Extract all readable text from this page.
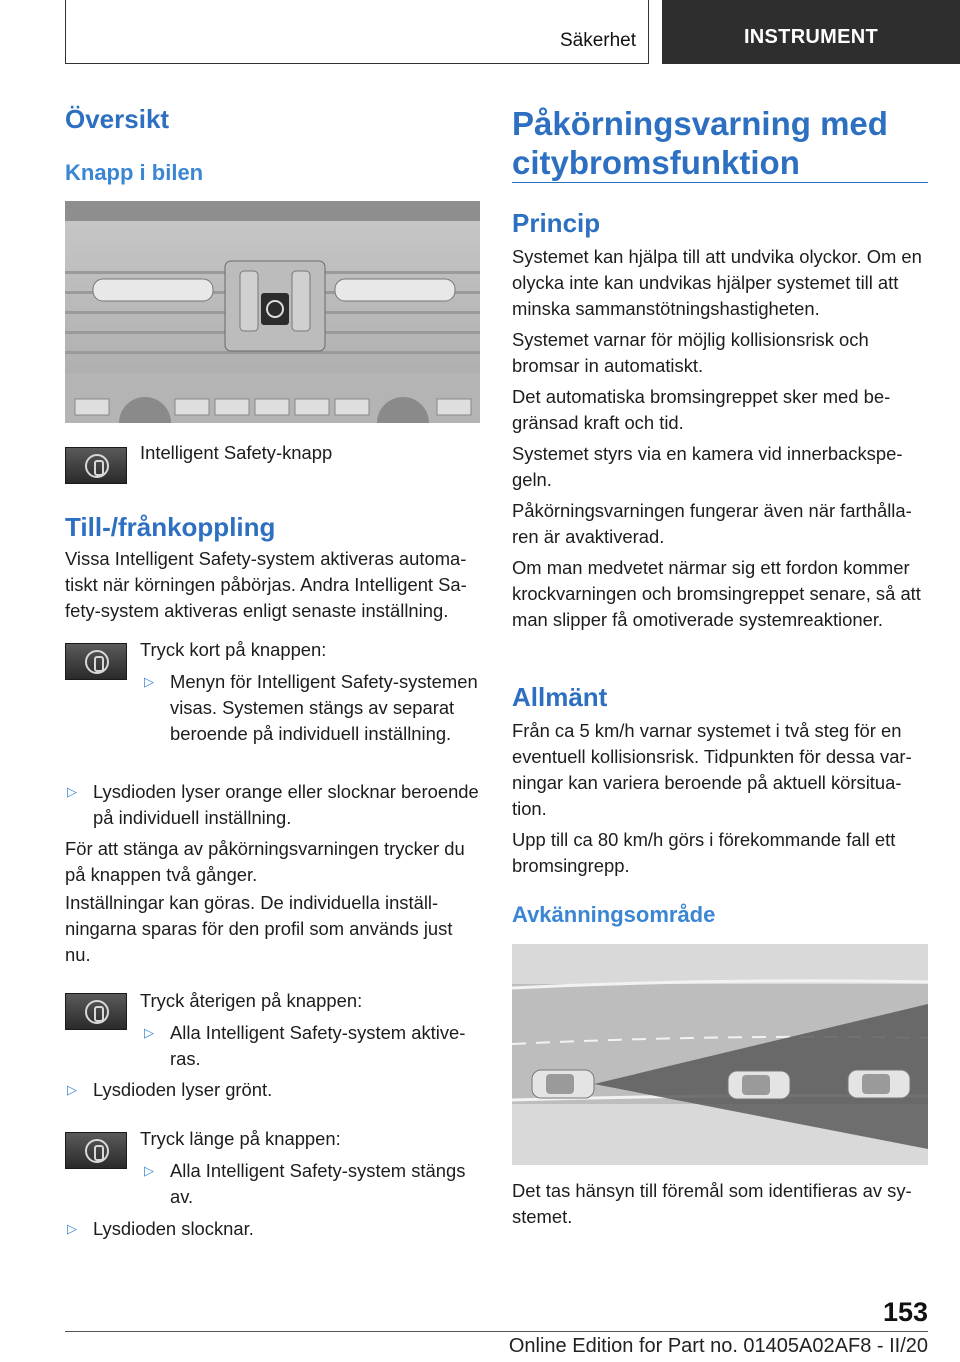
Säkerhet	INSTRUMENT
Översikt
Knapp i bilen
Intelligent Safety-knapp
Till-/frånkoppling
Vissa Intelligent Safety-system aktiveras automatiskt när körningen påbörjas. Andra Intelligent Safety-system aktiveras enligt senaste inställning.
Tryck kort på knappen:
▷ Menyn för Intelligent Safety-systemen visas. Systemen stängs av separat beroende på individuell inställning.
▷ Lysdioden lyser orange eller slocknar beroende på individuell inställning.
För att stänga av påkörningsvarningen trycker du på knappen två gånger.
Inställningar kan göras. De individuella inställningarna sparas för den profil som används just nu.
Tryck återigen på knappen:
▷ Alla Intelligent Safety-system aktiveras.
▷ Lysdioden lyser grönt.
Tryck länge på knappen:
▷ Alla Intelligent Safety-system stängs av.
▷ Lysdioden slocknar.
Påkörningsvarning med citybromsfunktion
Princip
Systemet kan hjälpa till att undvika olyckor. Om en olycka inte kan undvikas hjälper systemet till att minska sammanstötningshastigheten.
Systemet varnar för möjlig kollisionsrisk och bromsar in automatiskt.
Det automatiska bromsingreppet sker med begränsad kraft och tid.
Systemet styrs via en kamera vid innerbackspegeln.
Påkörningsvarningen fungerar även när farthållaren är avaktiverad.
Om man medvetet närmar sig ett fordon kommer krockvarningen och bromsingreppet senare, så att man slipper få omotiverade systemreaktioner.
Allmänt
Från ca 5 km/h varnar systemet i två steg för en eventuell kollisionsrisk. Tidpunkten för dessa varningar kan variera beroende på aktuell körsituation.
Upp till ca 80 km/h görs i förekommande fall ett bromsingrepp.
Avkänningsområde
Det tas hänsyn till föremål som identifieras av systemet.
153
Online Edition for Part no. 01405A02AF8 - II/20
